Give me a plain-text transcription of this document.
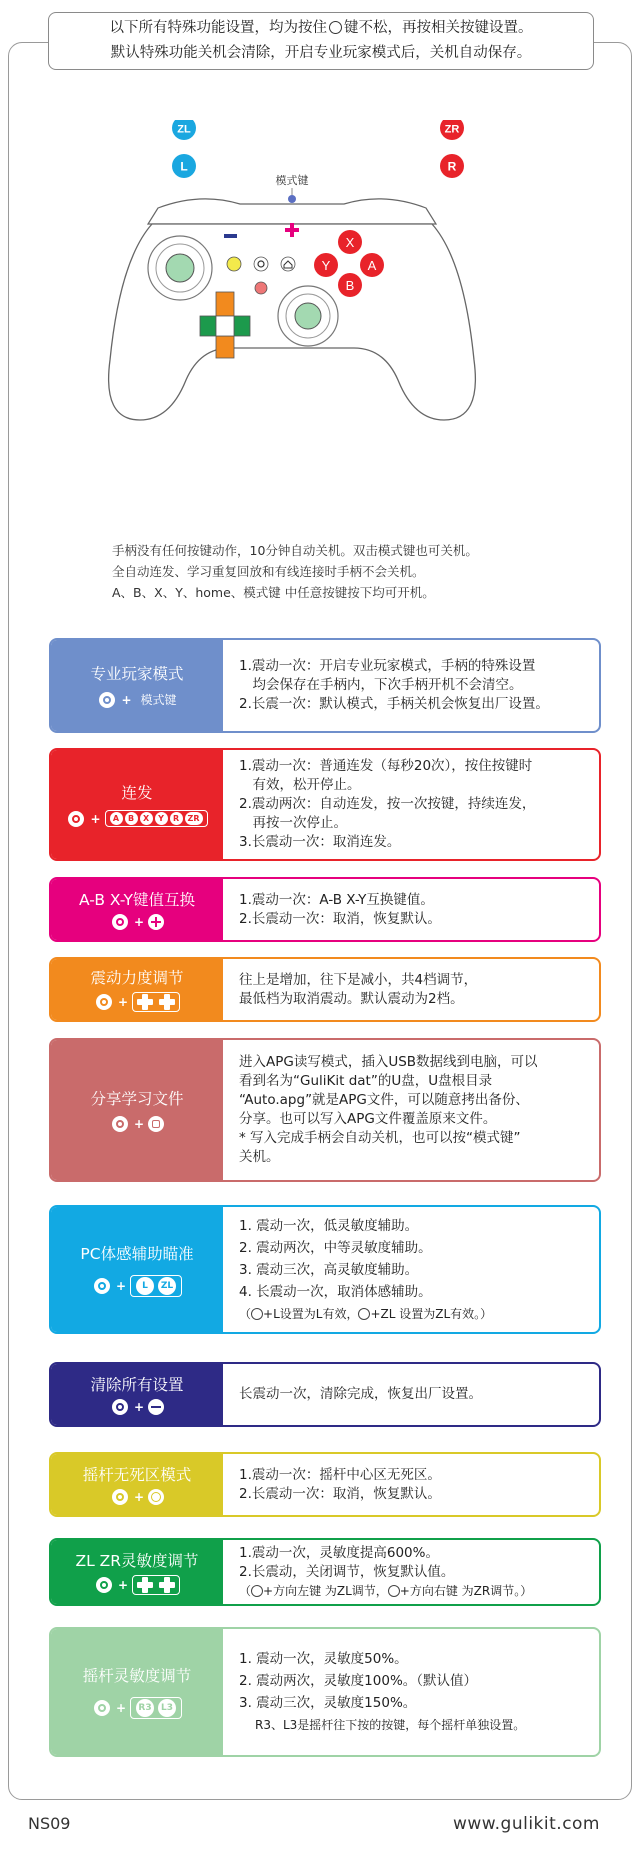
以下所有特殊功能设置，均为按住 键不松，再按相关按键设置。
默认特殊功能关机会清除，开启专业玩家模式后，关机自动保存。
ZL
L
ZR
R
模式键
X
Y	A
B
手柄没有任何按键动作，10分钟自动关机。双击模式键也可关机。
全自动连发、学习重复回放和有线连接时手柄不会关机。
A、B、X、Y、home、模式键 中任意按键按下均可开机。
专业玩家模式
+ 模式键
1.震动一次：开启专业玩家模式，手柄的特殊设置
　均会保存在手柄内，下次手柄开机不会清空。
2.长震一次：默认模式，手柄关机会恢复出厂设置。
连发
+	A	B	X	Y	R	ZR
1.震动一次：普通连发（每秒20次），按住按键时
　有效，松开停止。
2.震动两次：自动连发，按一次按键，持续连发，
　再按一次停止。
3.长震动一次：取消连发。
A-B X-Y键值互换
+
1.震动一次：A-B X-Y互换键值。
2.长震动一次：取消，恢复默认。
震动力度调节
+
往上是增加，往下是减小，共4档调节，
最低档为取消震动。默认震动为2档。
分享学习文件
+
进入APG读写模式，插入USB数据线到电脑，可以
看到名为“GuliKit dat”的U盘，U盘根目录
“Auto.apg”就是APG文件，可以随意拷出备份、
分享。也可以写入APG文件覆盖原来文件。
* 写入完成手柄会自动关机，也可以按“模式键”
关机。
PC体感辅助瞄准
+	L	ZL
1. 震动一次，低灵敏度辅助。
2. 震动两次，中等灵敏度辅助。
3. 震动三次，高灵敏度辅助。
4. 长震动一次，取消体感辅助。
（ +L设置为L有效， +ZL 设置为ZL有效。）
清除所有设置
+
长震动一次，清除完成，恢复出厂设置。
摇杆无死区模式
+
1.震动一次：摇杆中心区无死区。
2.长震动一次：取消，恢复默认。
ZL ZR灵敏度调节
+
1.震动一次，灵敏度提高600%。
2.长震动，关闭调节，恢复默认值。
（ +方向左键 为ZL调节， +方向右键 为ZR调节。）
摇杆灵敏度调节
+ R3	L3
1. 震动一次，灵敏度50%。
2. 震动两次，灵敏度100%。（默认值）
3. 震动三次，灵敏度150%。
R3、L3是摇杆往下按的按键，每个摇杆单独设置。
NS09	www.gulikit.com
